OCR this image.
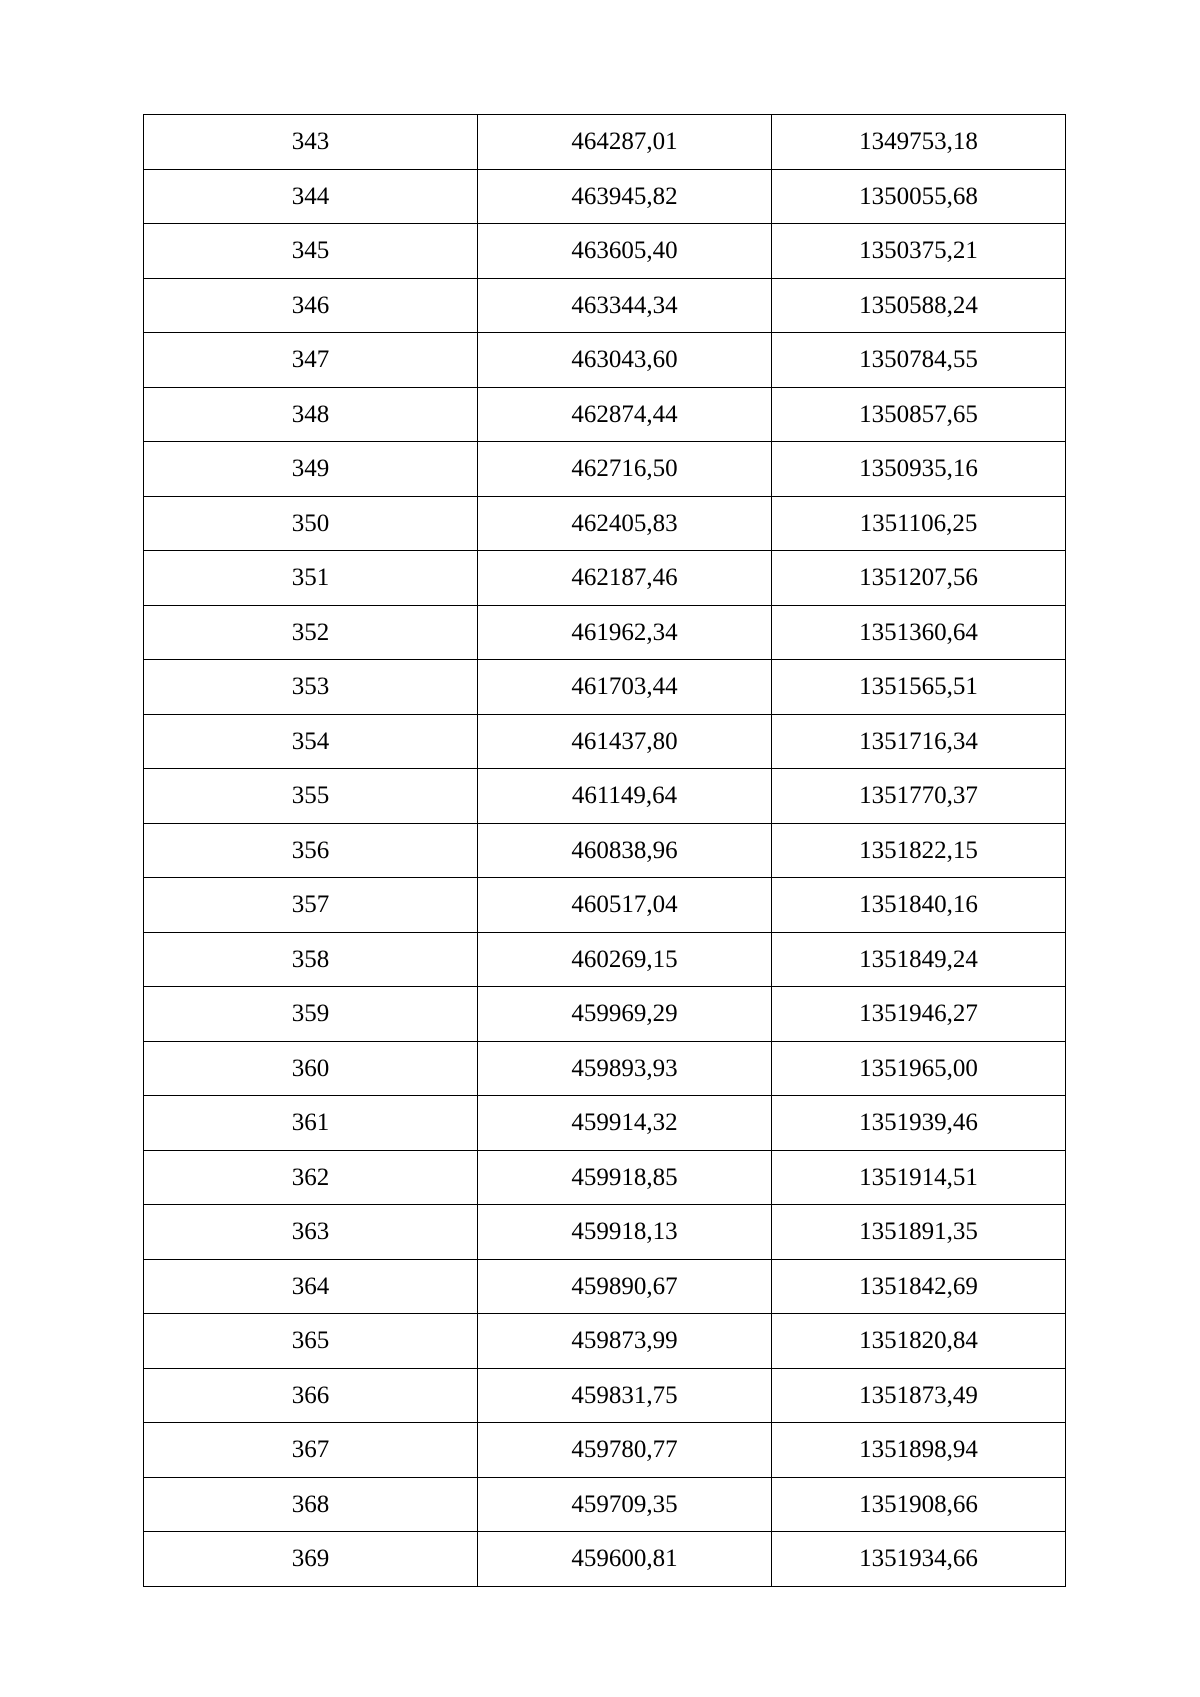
343	464287,01	1349753,18
344	463945,82	1350055,68
345	463605,40	1350375,21
346	463344,34	1350588,24
347	463043,60	1350784,55
348	462874,44	1350857,65
349	462716,50	1350935,16
350	462405,83	1351106,25
351	462187,46	1351207,56
352	461962,34	1351360,64
353	461703,44	1351565,51
354	461437,80	1351716,34
355	461149,64	1351770,37
356	460838,96	1351822,15
357	460517,04	1351840,16
358	460269,15	1351849,24
359	459969,29	1351946,27
360	459893,93	1351965,00
361	459914,32	1351939,46
362	459918,85	1351914,51
363	459918,13	1351891,35
364	459890,67	1351842,69
365	459873,99	1351820,84
366	459831,75	1351873,49
367	459780,77	1351898,94
368	459709,35	1351908,66
369	459600,81	1351934,66
